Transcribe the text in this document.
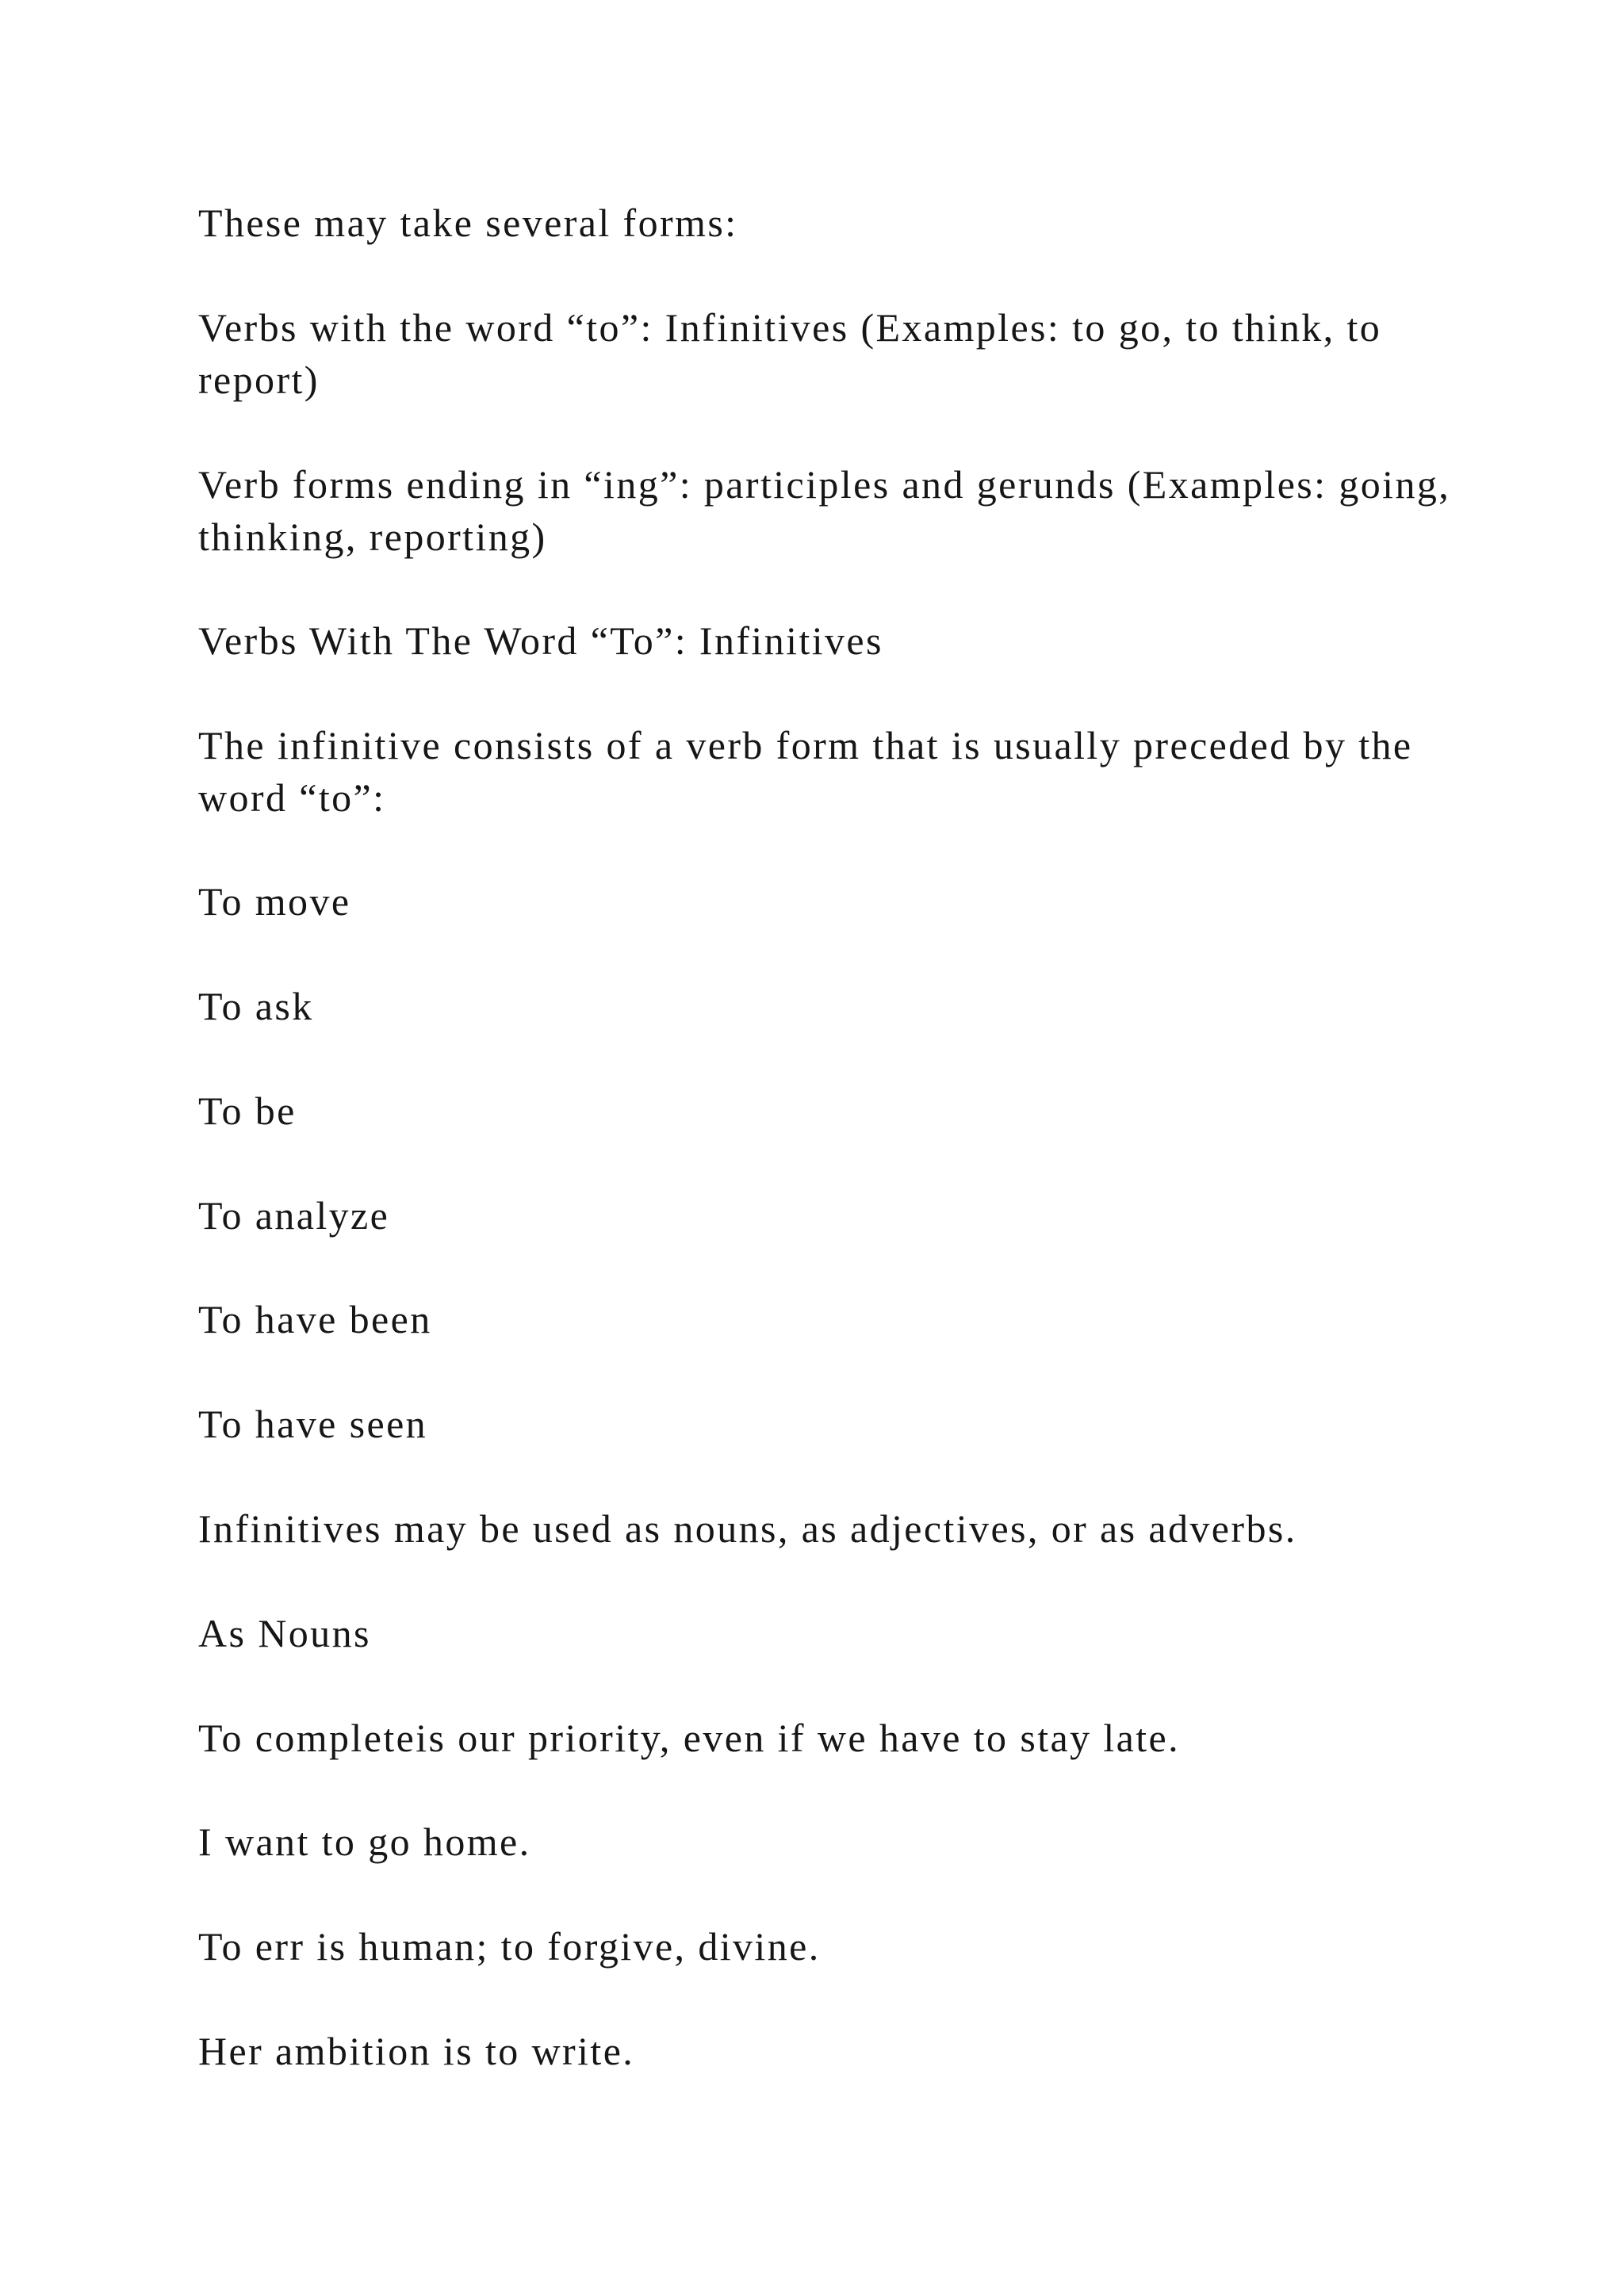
These may take several forms:

Verbs with the word “to”: Infinitives (Examples: to go, to think, to report)

Verb forms ending in “ing”: participles and gerunds (Examples: going, thinking, reporting)

Verbs With The Word “To”: Infinitives

The infinitive consists of a verb form that is usually preceded by the word “to”:

To move

To ask

To be

To analyze

To have been

To have seen

Infinitives may be used as nouns, as adjectives, or as adverbs.

As Nouns

To completeis our priority, even if we have to stay late.

I want to go home.

To err is human; to forgive, divine.

Her ambition is to write.
